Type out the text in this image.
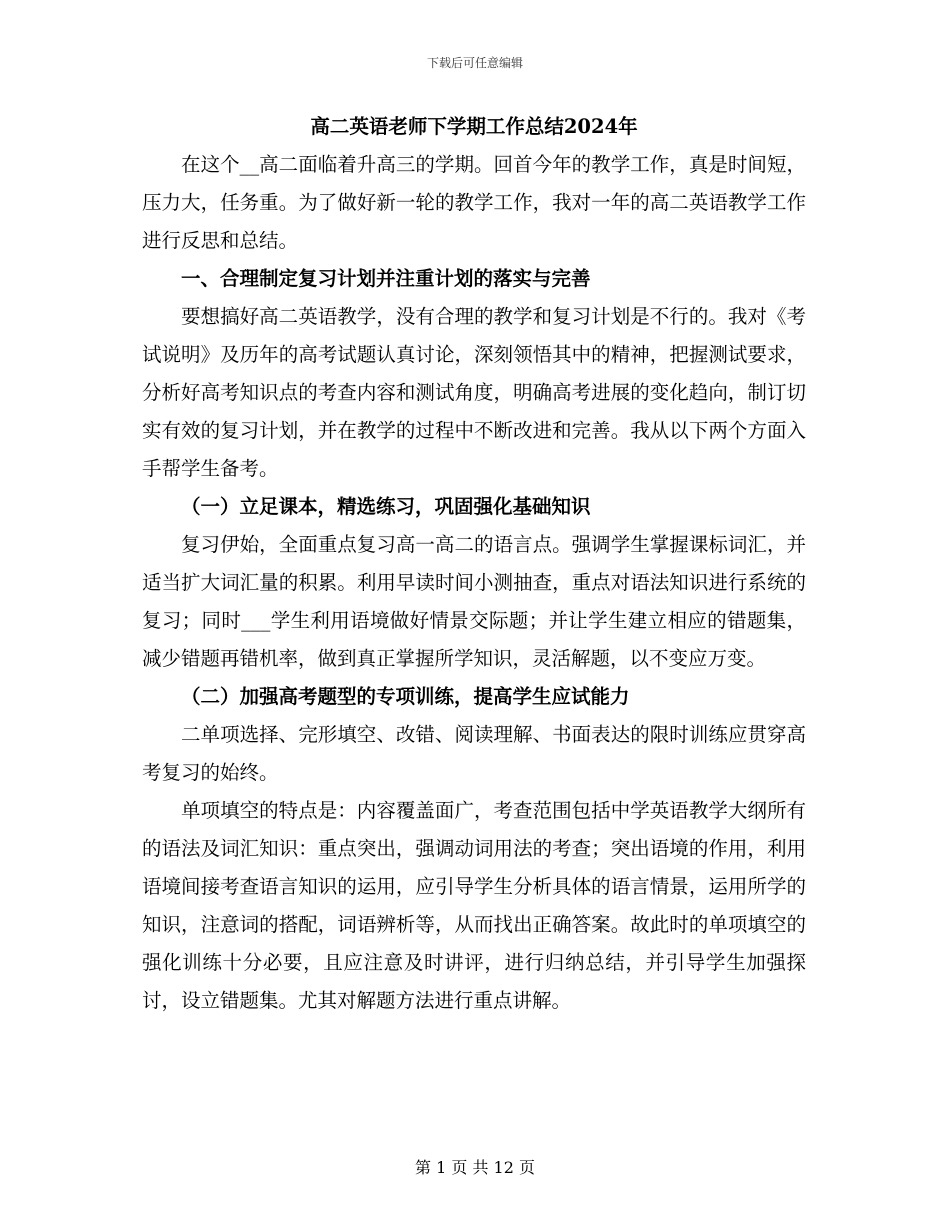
下载后可任意编辑

高二英语老师下学期工作总结2024年

在这个__高二面临着升高三的学期。回首今年的教学工作，真是时间短，压力大，任务重。为了做好新一轮的教学工作，我对一年的高二英语教学工作进行反思和总结。

一、合理制定复习计划并注重计划的落实与完善

要想搞好高二英语教学，没有合理的教学和复习计划是不行的。我对《考试说明》及历年的高考试题认真讨论，深刻领悟其中的精神，把握测试要求，分析好高考知识点的考查内容和测试角度，明确高考进展的变化趋向，制订切实有效的复习计划，并在教学的过程中不断改进和完善。我从以下两个方面入手帮学生备考。

（一）立足课本，精选练习，巩固强化基础知识

复习伊始，全面重点复习高一高二的语言点。强调学生掌握课标词汇，并适当扩大词汇量的积累。利用早读时间小测抽查，重点对语法知识进行系统的复习；同时___学生利用语境做好情景交际题；并让学生建立相应的错题集，减少错题再错机率，做到真正掌握所学知识，灵活解题，以不变应万变。

（二）加强高考题型的专项训练，提高学生应试能力

二单项选择、完形填空、改错、阅读理解、书面表达的限时训练应贯穿高考复习的始终。

单项填空的特点是：内容覆盖面广，考查范围包括中学英语教学大纲所有的语法及词汇知识：重点突出，强调动词用法的考查；突出语境的作用，利用语境间接考查语言知识的运用，应引导学生分析具体的语言情景，运用所学的知识，注意词的搭配，词语辨析等，从而找出正确答案。故此时的单项填空的强化训练十分必要，且应注意及时讲评，进行归纳总结，并引导学生加强探讨，设立错题集。尤其对解题方法进行重点讲解。

第 1 页 共 12 页
